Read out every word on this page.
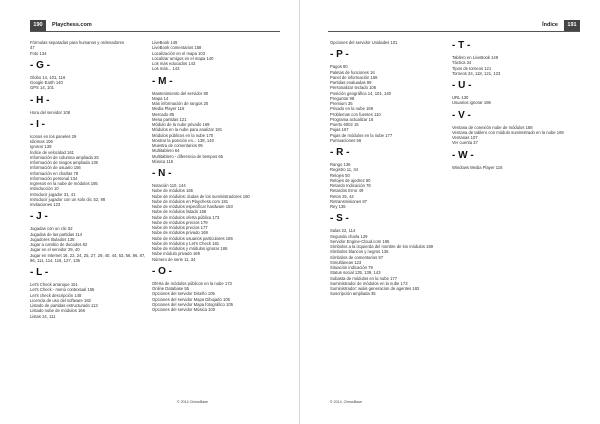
190	Playchess.com
Fórmulas separadas para humanos y ordenadores
47
Foto 134
- G -
Globo 14, 101, 116
Google Earth 140
GPS 14, 101
- H -
Hora del servidor 108
- I -
Iconos en los paneles 29
Idiomas 106
Ignorar 139
Índice de velocidad 161
Información de columna ampliada 25
Información de rangos ampliada 136
Información de usuario 156
Información en charlas 78
Información personal 134
Ingresos en la nube de módulos 185
Introducción 10
Introducir jugador 31, 41
Introducir jugador con un solo clic 52, 98
Invitaciones 123
- J -
Jugadas con un clic 52
Jugadas de las partidas 114
Jugadores titulados 138
Jugar a cambio de ducados 82
Jugar en el servidor 29, 40
Jugar en Internet 16, 22, 24, 25, 27, 29, 40, 44, 53, 56, 86, 87, 96, 111, 114, 116, 127, 135
- L -
Let's Check arranque 151
Let's Check - menú contextual 155
Let's check descripción 148
Licencia de uso del software 182
Listado de partidas estructurado 113
Listado nube de módulos 166
Listas 24, 111
LiveBook 149
LiveBook comentarios 158
Localización en el mapa 103
Localizar amigos en el mapa 140
Los más educados 143
Los más... 143
- M -
Mantenimiento del servidor 80
Mapa 14
Más información de rangos 25
Media Player 116
Mercado 85
Mesa partidas 121
Módulo de la nube privado 169
Módulos en la nube para analizar 181
Módulos públicos en la nube 170
Mostrar la posición en... 138, 140
Muestra de comentarios 95
Multitablero 64
Multitablero - diferencia de tiempos 65
Música 116
- N -
Notación 110, 144
Nube de módulos 165
Nube de módulos: dudas de los suministradores 180
Nube de módulos en Playchess.com 181
Nube de módulos especificar hardware 183
Nube de módulos listado 166
Nube de módulos oferta pública 173
Nube de módulos precios 179
Nube de módulos precios 177
Nube de módulos privado 169
Nube de módulos usuarios particulares 186
Nube de módulos y Let's Check 181
Nube de módulos y módulos ignorar 186
Nube módulo privado 169
Número de serie 11, 34
- O -
Oferta de módulos públicos en la nube 173
Online Database 55
Opciones del servidor Diseño 105
Opciones del servidor Mapa Dibujado 105
Opciones del servidor Mapa fotográfico 105
Opciones del servidor Música 100
© 2014 ChessBase
191
Índice
Opciones del servidor Unidades 101
- P -
Pagos 80
Paletas de funciones 16
Panel de información 156
Partidas evaluadas 99
Personalizar teclado 106
Posición geográfica 14, 101, 140
Preguntar 98
Premium 35
Privado en la nube 169
Problemas con fuentes 110
Programa actualizar 16
Puerto 6002 15
Pujas 167
Pujas de módulos en la nube 177
Puntuaciones 56
- R -
Rango 136
Registro 11, 34
Relojes 50
Relojes de ajedrez 50
Retardo Indicación 78
Retardos Error 49
Retos 25, 44
Retransmisiones 87
Rey 135
- S -
Salas 22, 114
Segunda charla 129
Servidor Engine-Cloud.com 165
Símbolos a la izquierda del nombre de los módulos 169
Símbolos blancos y negros 136
Símbolos de comentarios 97
Simultáneas 123
Situación indicación 79
Status social 135, 139, 143
Subasta de módulos en la nube 177
Suministrador de módulos en la nube 173
Suministrador: wiáis generacion de agentes 182
Suscripción ampliada 35
- T -
Tablero en LiveBook 149
Táctica 34
Tipos de torneos 121
Torneos 34, 118, 121, 123
- U -
URL 130
Usuarios ignorar 186
- V -
Ventana de conexión nube de módulos 168
Ventana de tablero con módulo suministrado en la nube 169
Ventanas 107
Ver cuenta 37
- W -
Windows Media Player 116
© 2014, ChessBase
